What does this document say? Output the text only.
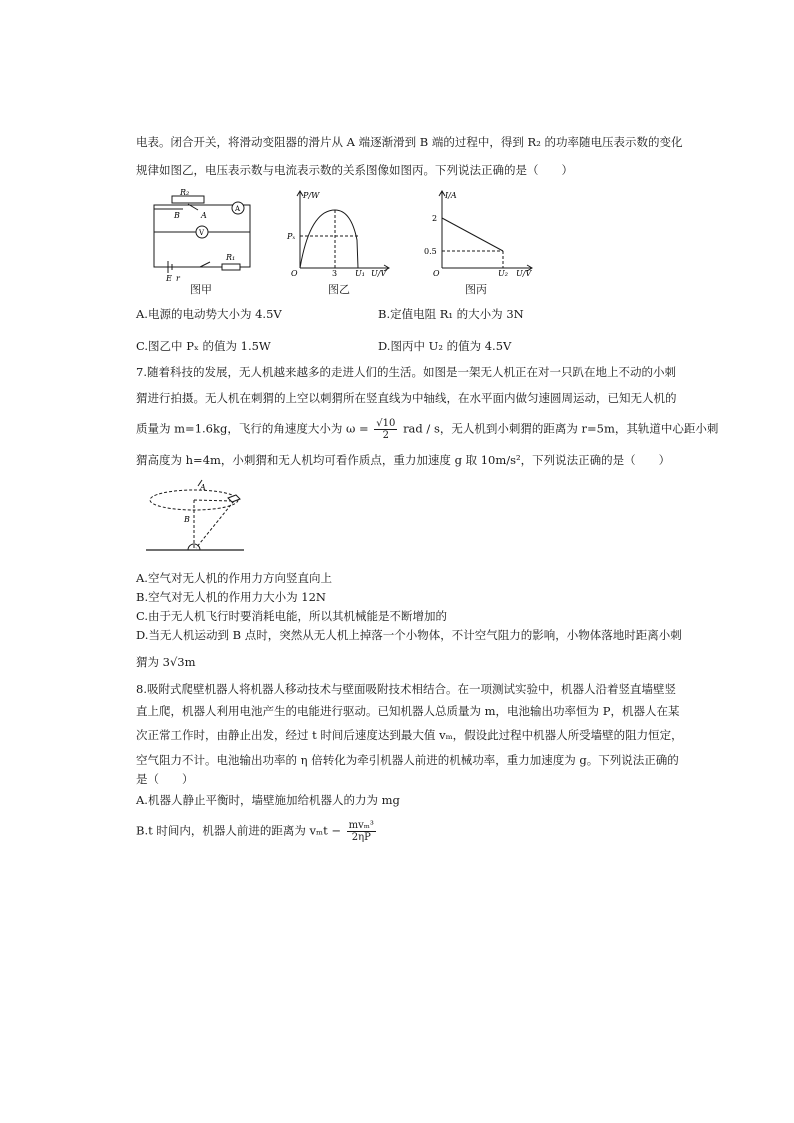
电表。闭合开关，将滑动变阻器的滑片从 A 端逐渐滑到 B 端的过程中，得到 R₂ 的功率随电压表示数的变化
规律如图乙，电压表示数与电流表示数的关系图像如图丙。下列说法正确的是（　　）
R₂
B	A
A
V
R₁
E r
P/W
Pₓ
O	3 U₁ U/V
I/A
2
0.5
O	U₂ U/V
图甲	图乙	图丙
A.电源的电动势大小为 4.5V	B.定值电阻 R₁ 的大小为 3N
C.图乙中 Pₓ 的值为 1.5W	D.图丙中 U₂ 的值为 4.5V
7.随着科技的发展，无人机越来越多的走进人们的生活。如图是一架无人机正在对一只趴在地上不动的小刺
猬进行拍摄。无人机在刺猬的上空以刺猬所在竖直线为中轴线，在水平面内做匀速圆周运动，已知无人机的
质量为 m=1.6kg，飞行的角速度大小为 $\omega = \frac{√10}{2}$ rad / s，无人机到小刺猬的距离为 r=5m，其轨道中心距小刺
猬高度为 h=4m，小刺猬和无人机均可看作质点，重力加速度 g 取 10m/s²，下列说法正确的是（　　）
A
B
A.空气对无人机的作用力方向竖直向上
B.空气对无人机的作用力大小为 12N
C.由于无人机飞行时要消耗电能，所以其机械能是不断增加的
D.当无人机运动到 B 点时，突然从无人机上掉落一个小物体，不计空气阻力的影响，小物体落地时距离小刺
猬为 3√3m
8.吸附式爬壁机器人将机器人移动技术与壁面吸附技术相结合。在一项测试实验中，机器人沿着竖直墙壁竖
直上爬，机器人利用电池产生的电能进行驱动。已知机器人总质量为 m，电池输出功率恒为 P，机器人在某
次正常工作时，由静止出发，经过 t 时间后速度达到最大值 vₘ，假设此过程中机器人所受墙壁的阻力恒定，
空气阻力不计。电池输出功率的 η 倍转化为牵引机器人前进的机械功率，重力加速度为 g。下列说法正确的
是（　　）
A.机器人静止平衡时，墙壁施加给机器人的力为 mg
B.t 时间内，机器人前进的距离为 $v_mt - \frac{\text{mvₘ³}}{2\eta P}$
